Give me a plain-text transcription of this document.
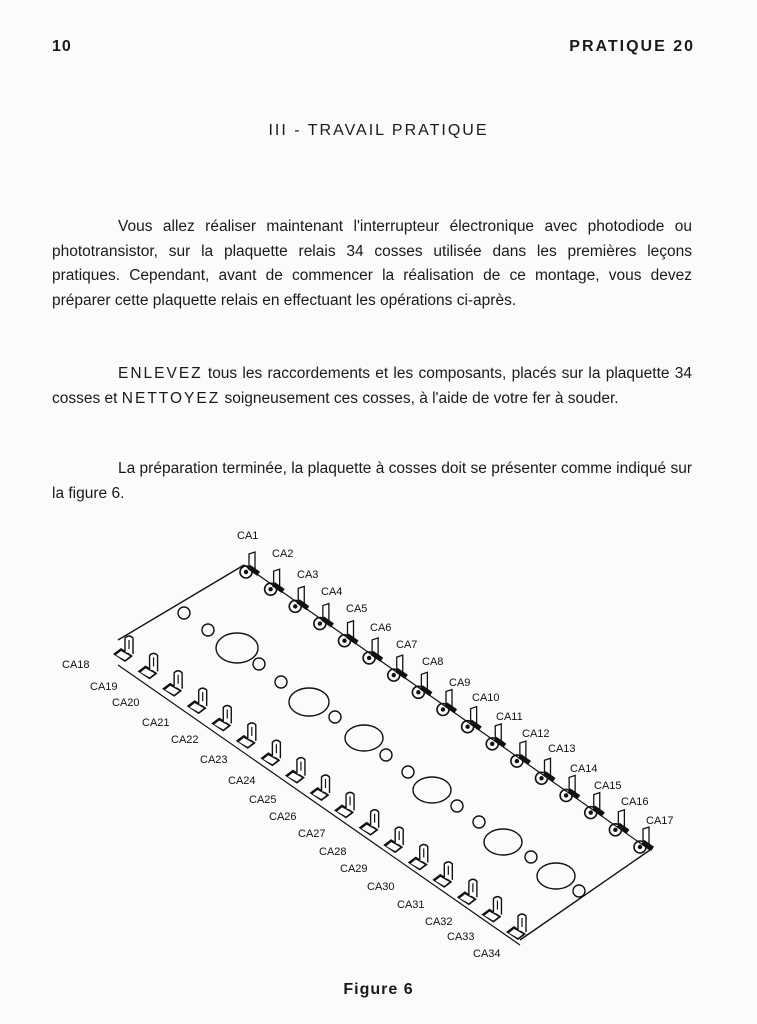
10	PRATIQUE 20
III - TRAVAIL PRATIQUE

Vous allez réaliser maintenant l'interrupteur électronique avec photodiode ou phototransistor, sur la plaquette relais 34 cosses utilisée dans les premières leçons pratiques. Cependant, avant de commencer la réalisation de ce montage, vous devez préparer cette plaquette relais en effectuant les opérations ci-après.

ENLEVEZ tous les raccordements et les composants, placés sur la plaquette 34 cosses et NETTOYEZ soigneusement ces cosses, à l'aide de votre fer à souder.

La préparation terminée, la plaquette à cosses doit se présenter comme indiqué sur la figure 6.

CA1
CA2
CA3
CA4
CA5
CA6
CA7
CA8
CA9
CA10
CA11
CA12
CA13
CA14
CA15
CA16
CA17
CA18
CA19
CA20
CA21
CA22
CA23
CA24
CA25
CA26
CA27
CA28
CA29
CA30
CA31
CA32
CA33
CA34
Figure 6
